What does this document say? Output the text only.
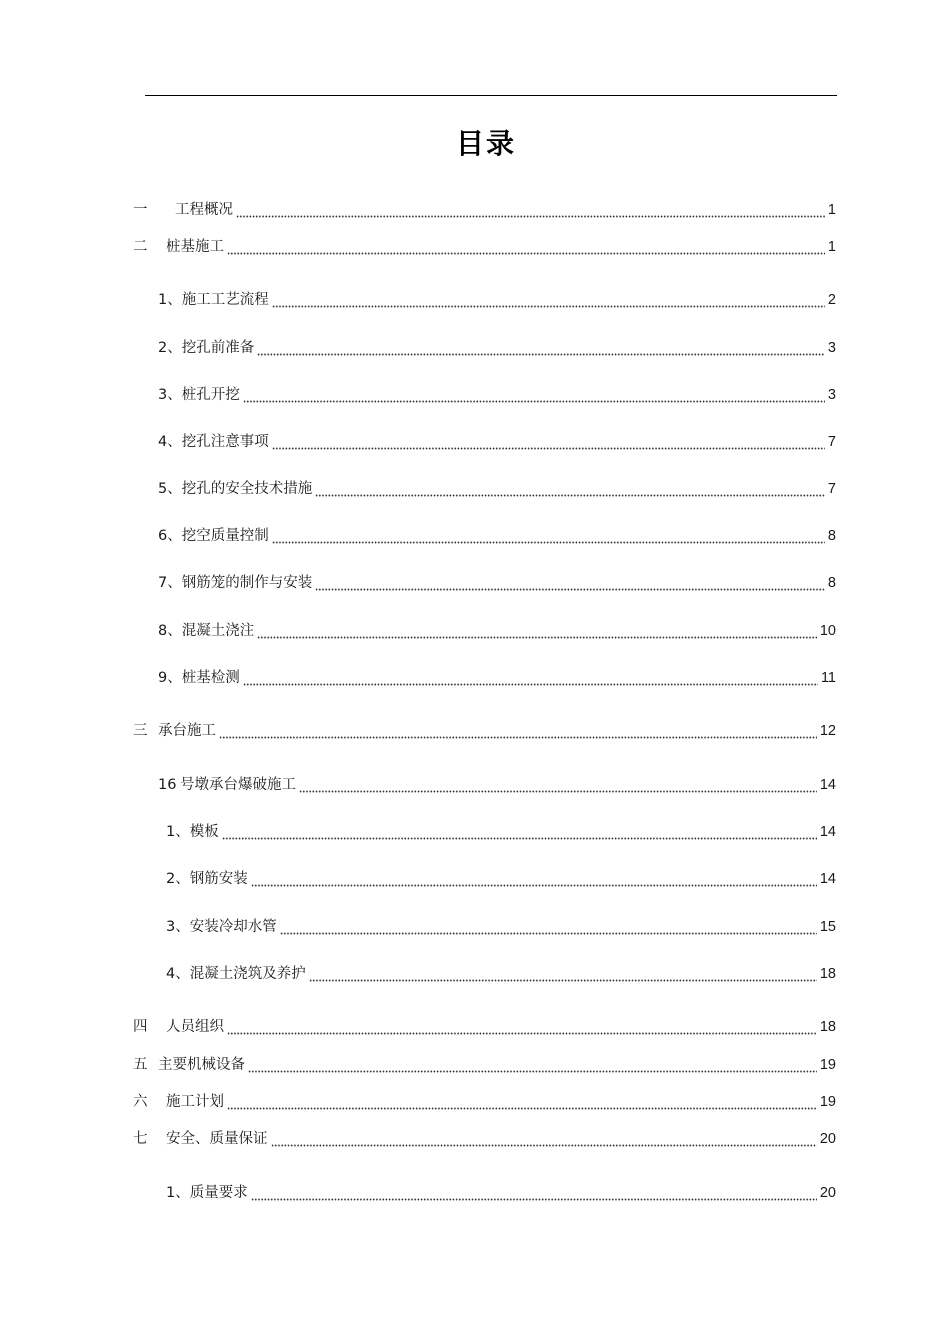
目录
一	工程概况	1
二	桩基施工	1
1、 施工工艺流程	2
2、 挖孔前准备	3
3、 桩孔开挖	3
4、 挖孔注意事项	7
5、 挖孔的安全技术措施	7
6、 挖空质量控制	8
7、 钢筋笼的制作与安装	8
8、 混凝土浇注	10
9、 桩基检测	11
三 承台施工	12
16 号墩承台爆破施工	14
1、 模板	14
2、 钢筋安装	14
3、 安装冷却水管	15
4、 混凝土浇筑及养护	18
四	人员组织	18
五 主要机械设备	19
六	施工计划	19
七	安全、质量保证	20
1、 质量要求	20
